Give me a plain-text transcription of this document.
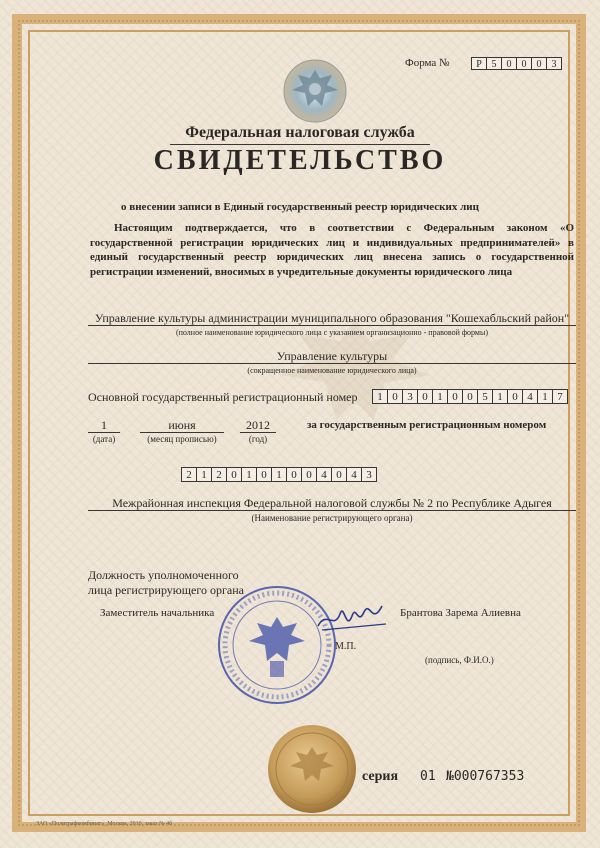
Форма №	Р 5	0	0	0	3
Федеральная налоговая служба
СВИДЕТЕЛЬСТВО
о внесении записи в Единый государственный реестр юридических лиц
Настоящим подтверждается, что в соответствии с Федеральным законом «О государственной регистрации юридических лиц и индивидуальных предпринимателей» в единый государственный реестр юридических лиц внесена запись о государственной регистрации изменений, вносимых в учредительные документы юридического лица
Управление культуры администрации муниципального образования "Кошехабльский район"
(полное наименование юридического лица с указанием организационно - правовой формы)
Управление культуры
(сокращенное наименование юридического лица)
Основной государственный регистрационный номер	1 0 3 0 1 0 0 5 1 0 4 1 7
1
(дата)
июня
(месяц прописью)
2012
(год)
за государственным регистрационным номером
2 1 2 0 1 0 1 0 0 4 0 4 3
Межрайонная инспекция Федеральной налоговой службы № 2 по Республике Адыгея
(Наименование регистрирующего органа)
Должность уполномоченного
лица регистрирующего органа
Заместитель начальника
М.П.
Брантова Зарема Алиевна
(подпись, Ф.И.О.)
серия 01 №000767353
ЗАО «Полиграфкомбинат», Москва, 2010, заказ № 4б
